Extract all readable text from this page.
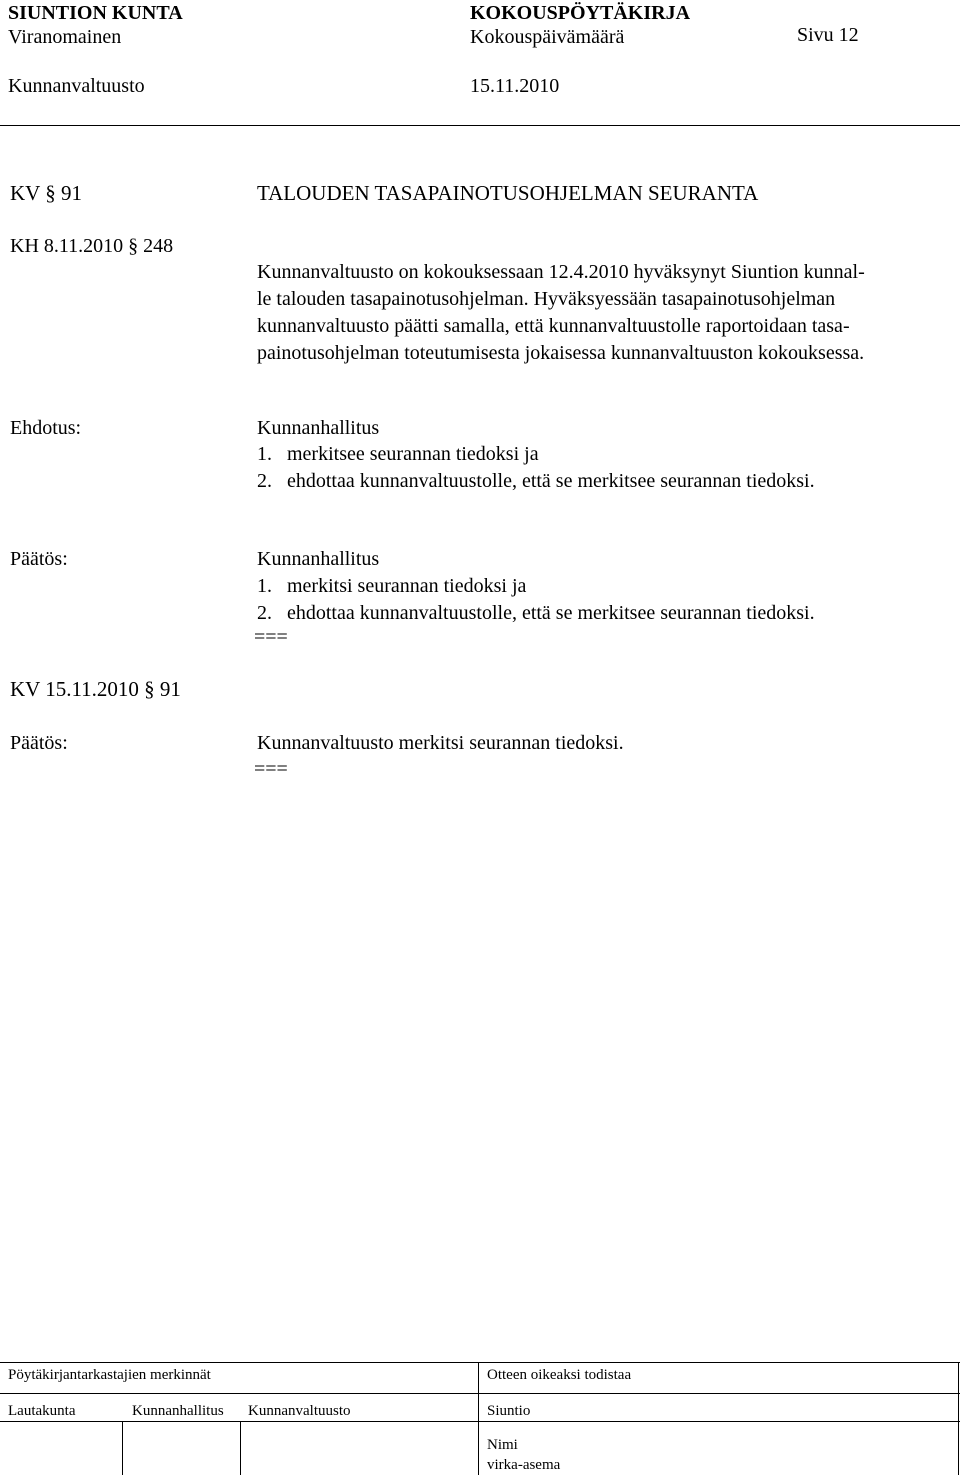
SIUNTION KUNTA	KOKOUSPÖYTÄKIRJA
Viranomainen	Kokouspäivämäärä	Sivu 12
Kunnanvaltuusto	15.11.2010
KV § 91	TALOUDEN TASAPAINOTUSOHJELMAN SEURANTA
KH 8.11.2010 § 248
Kunnanvaltuusto on kokouksessaan 12.4.2010 hyväksynyt Siuntion kunnal-
le talouden tasapainotusohjelman. Hyväksyessään tasapainotusohjelman
kunnanvaltuusto päätti samalla, että kunnanvaltuustolle raportoidaan tasa-
painotusohjelman toteutumisesta jokaisessa kunnanvaltuuston kokouksessa.
Ehdotus:	Kunnanhallitus
1. merkitsee seurannan tiedoksi ja
2. ehdottaa kunnanvaltuustolle, että se merkitsee seurannan tiedoksi.
Päätös:	Kunnanhallitus
1. merkitsi seurannan tiedoksi ja
2. ehdottaa kunnanvaltuustolle, että se merkitsee seurannan tiedoksi.
===
KV 15.11.2010 § 91
Päätös:	Kunnanvaltuusto merkitsi seurannan tiedoksi.
===
Pöytäkirjantarkastajien merkinnät	Otteen oikeaksi todistaa
Lautakunta	Kunnanhallitus Kunnanvaltuusto	Siuntio
Nimi
virka-asema
